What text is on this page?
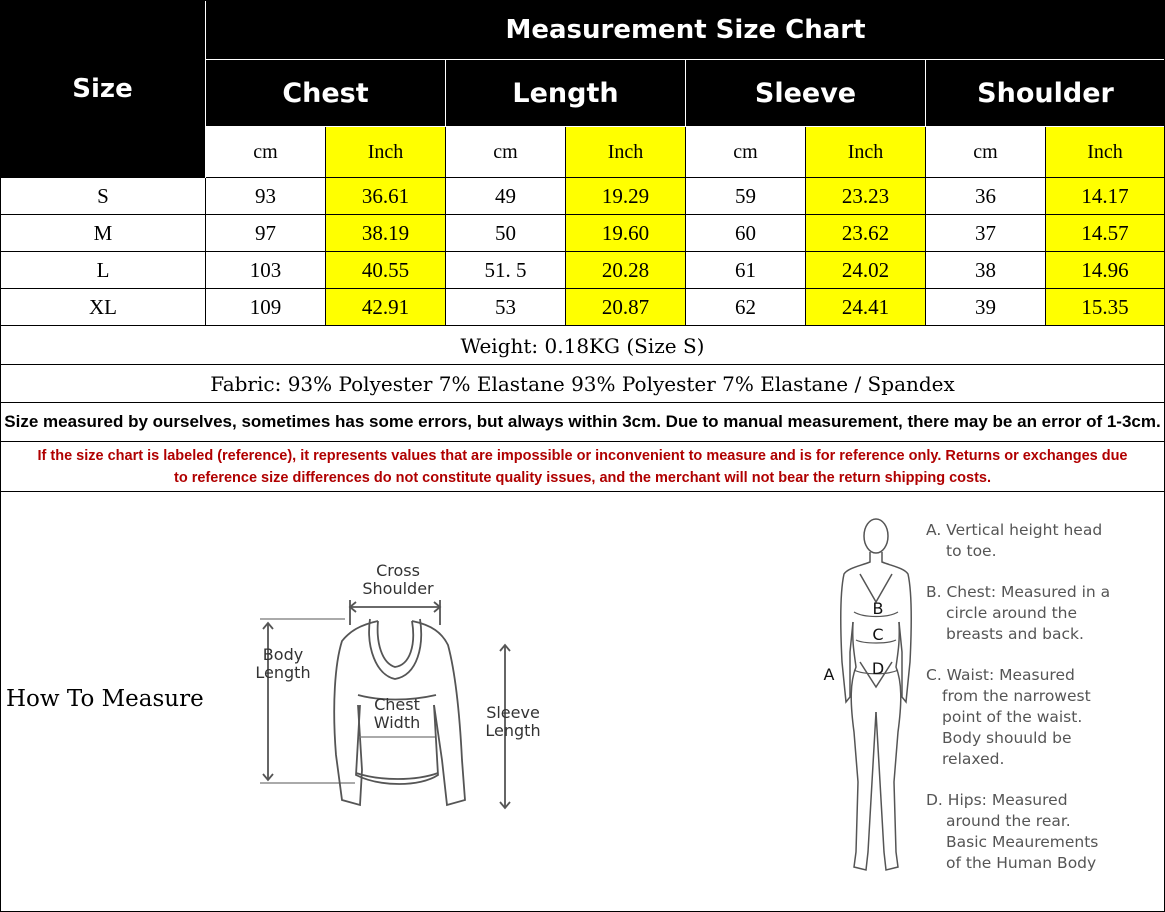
Measurement Size Chart
Size	Chest	Length	Sleeve	Shoulder
cm	Inch	cm	Inch	cm	Inch	cm	Inch
S	93	36.61	49	19.29	59	23.23	36	14.17
M	97	38.19	50	19.60	60	23.62	37	14.57
L	103	40.55	51. 5	20.28	61	24.02	38	14.96
XL	109	42.91	53	20.87	62	24.41	39	15.35
Weight: 0.18KG (Size S)
Fabric: 93% Polyester 7% Elastane 93% Polyester 7% Elastane / Spandex
Size measured by ourselves, sometimes has some errors, but always within 3cm. Due to manual measurement, there may be an error of 1-3cm.
If the size chart is labeled (reference), it represents values that are impossible or inconvenient to measure and is for reference only. Returns or exchanges due to reference size differences do not constitute quality issues, and the merchant will not bear the return shipping costs.
How To Measure
Cross
Shoulder
Body
Length
Chest
Width
Sleeve
Length
A
B
C
D
A. Vertical height head
to toe.
B. Chest: Measured in a
circle around the
breasts and back.
C. Waist: Measured
from the narrowest
point of the waist.
Body shouuld be
relaxed.
D. Hips: Measured
around the rear.
Basic Meaurements
of the Human Body
